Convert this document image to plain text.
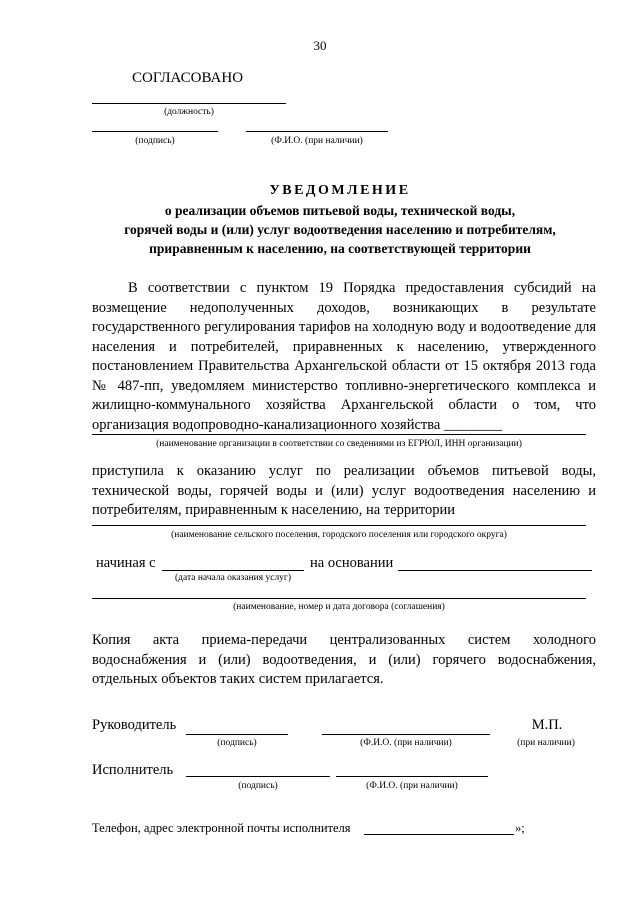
30
СОГЛАСОВАНО
(должность)
(подпись)	(Ф.И.О. (при наличии)
УВЕДОМЛЕНИЕ
о реализации объемов питьевой воды, технической воды,
горячей воды и (или) услуг водоотведения населению и потребителям,
приравненным к населению, на соответствующей территории
В соответствии с пунктом 19 Порядка предоставления субсидий на возмещение недополученных доходов, возникающих в результате государственного регулирования тарифов на холодную воду и водоотведение для населения и потребителей, приравненных к населению, утвержденного постановлением Правительства Архангельской области от 15 октября 2013 года № 487-пп, уведомляем министерство топливно-энергетического комплекса и жилищно-коммунального хозяйства Архангельской области о том, что организация водопроводно-канализационного хозяйства ________
(наименование организации в соответствии со сведениями из ЕГРЮЛ, ИНН организации)
приступила к оказанию услуг по реализации объемов питьевой воды, технической воды, горячей воды и (или) услуг водоотведения населению и потребителям, приравненным к населению, на территории
(наименование сельского поселения, городского поселения или городского округа)
начиная с
(дата начала оказания услуг)
на основании
(наименование, номер и дата договора (соглашения)
Копия акта приема-передачи централизованных систем холодного водоснабжения и (или) водоотведения, и (или) горячего водоснабжения, отдельных объектов таких систем прилагается.
Руководитель
(подпись)	(Ф.И.О. (при наличии)
М.П.
(при наличии)
Исполнитель
(подпись)	(Ф.И.О. (при наличии)
Телефон, адрес электронной почты исполнителя	»;
